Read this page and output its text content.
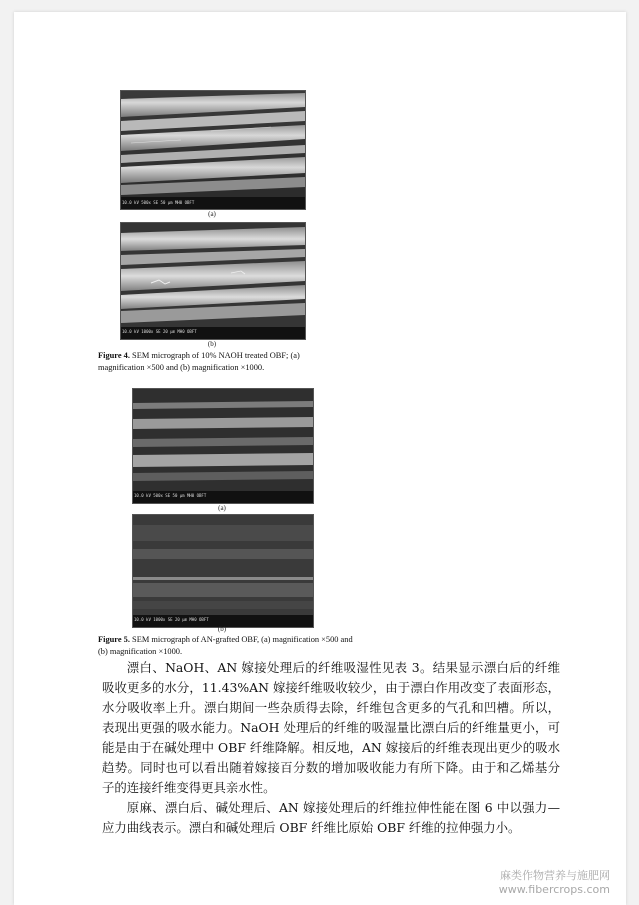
10.0 kV 500x SE 50 μm MH0 OBFT
(a)
10.0 kV 1000x SE 20 μm MH0 OBFT
(b)
Figure 4. SEM micrograph of 10% NAOH treated OBF; (a) magnification ×500 and (b) magnification ×1000.
10.0 kV 500x SE 50 μm MH0 OBFT
(a)
10.0 kV 1000x SE 20 μm MH0 OBFT
(b)
Figure 5. SEM micrograph of AN-grafted OBF, (a) magnification ×500 and (b) magnification ×1000.

漂白、NaOH、AN 嫁接处理后的纤维吸湿性见表 3。结果显示漂白后的纤维吸收更多的水分，11.43%AN 嫁接纤维吸收较少，由于漂白作用改变了表面形态，水分吸收率上升。漂白期间一些杂质得去除，纤维包含更多的气孔和凹槽。所以，表现出更强的吸水能力。NaOH 处理后的纤维的吸湿量比漂白后的纤维量更小，可能是由于在碱处理中 OBF 纤维降解。相反地，AN 嫁接后的纤维表现出更少的吸水趋势。同时也可以看出随着嫁接百分数的增加吸收能力有所下降。由于和乙烯基分子的连接纤维变得更具亲水性。

原麻、漂白后、碱处理后、AN 嫁接处理后的纤维拉伸性能在图 6 中以强力—应力曲线表示。漂白和碱处理后 OBF 纤维比原始 OBF 纤维的拉伸强力小。

麻类作物营养与施肥网
www.fibercrops.com
